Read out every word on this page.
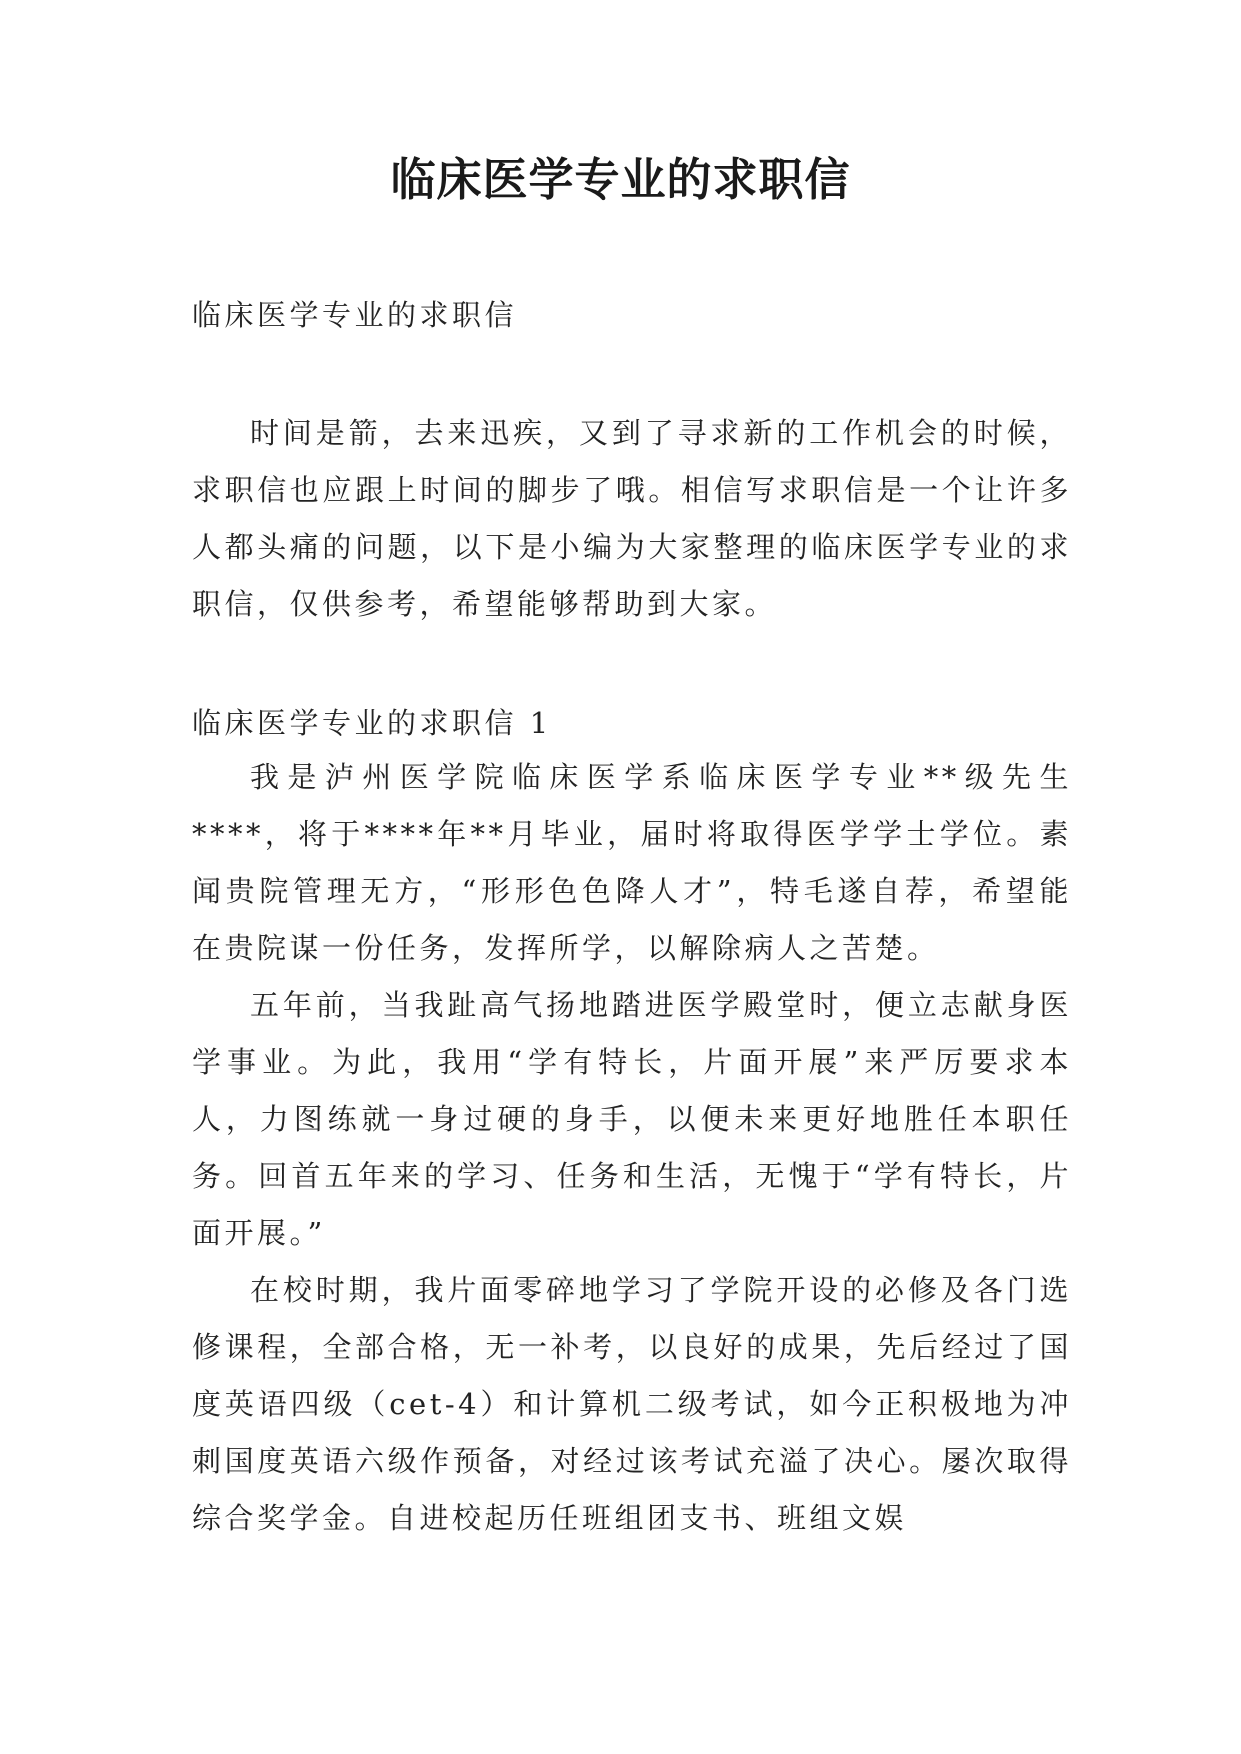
临床医学专业的求职信
临床医学专业的求职信

时间是箭，去来迅疾，又到了寻求新的工作机会的时候，求职信也应跟上时间的脚步了哦。相信写求职信是一个让许多人都头痛的问题，以下是小编为大家整理的临床医学专业的求职信，仅供参考，希望能够帮助到大家。

临床医学专业的求职信 1

我是泸州医学院临床医学系临床医学专业**级先生****，将于****年**月毕业，届时将取得医学学士学位。素闻贵院管理无方，“形形色色降人才”，特毛遂自荐，希望能在贵院谋一份任务，发挥所学，以解除病人之苦楚。

五年前，当我趾高气扬地踏进医学殿堂时，便立志献身医学事业。为此，我用“学有特长，片面开展”来严厉要求本人，力图练就一身过硬的身手，以便未来更好地胜任本职任务。回首五年来的学习、任务和生活，无愧于“学有特长，片面开展。”

在校时期，我片面零碎地学习了学院开设的必修及各门选修课程，全部合格，无一补考，以良好的成果，先后经过了国度英语四级（cet-4）和计算机二级考试，如今正积极地为冲刺国度英语六级作预备，对经过该考试充溢了决心。屡次取得综合奖学金。自进校起历任班组团支书、班组文娱
